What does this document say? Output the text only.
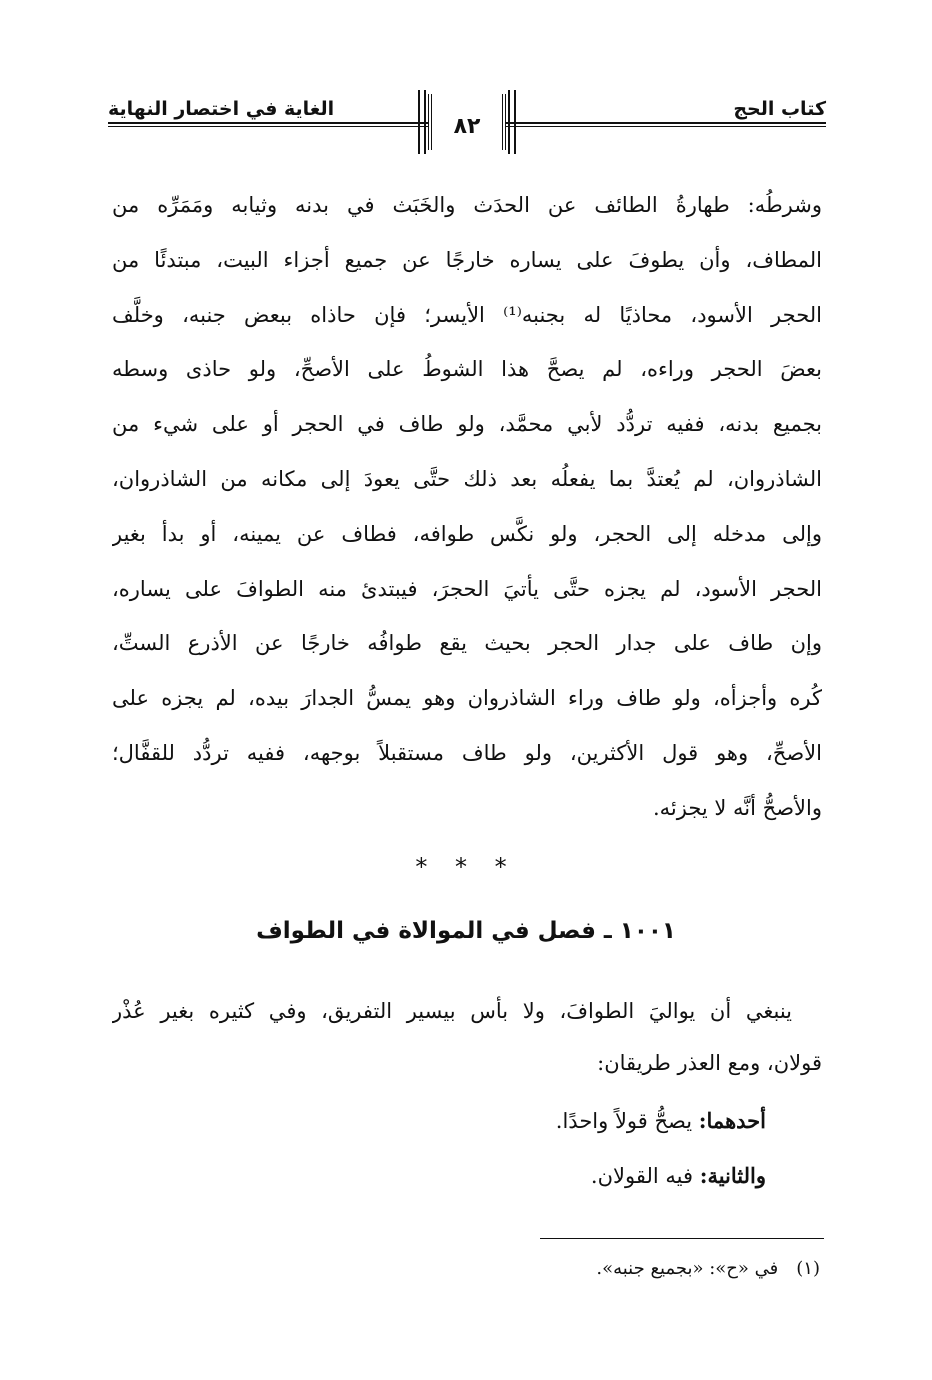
كتاب الحج
الغاية في اختصار النهاية
٨٢
وشرطُه: طهارةُ الطائف عن الحدَث والخَبَث في بدنه وثيابه ومَمَرِّه من
المطاف، وأن يطوفَ على يساره خارجًا عن جميع أجزاء البيت، مبتدئًا من
الحجر الأسود، محاذيًا له بجنبه⁽¹⁾ الأيسر؛ فإن حاذاه ببعض جنبه، وخلَّف
بعضَ الحجر وراءه، لم يصحَّ هذا الشوطُ على الأصحِّ، ولو حاذى وسطه
بجميع بدنه، ففيه تردُّد لأبي محمَّد، ولو طاف في الحجر أو على شيء من
الشاذروان، لم يُعتدَّ بما يفعلُه بعد ذلك حتَّى يعودَ إلى مكانه من الشاذروان،
وإلى مدخله إلى الحجر، ولو نكَّس طوافه، فطاف عن يمينه، أو بدأ بغير
الحجر الأسود، لم يجزه حتَّى يأتيَ الحجرَ، فيبتدئ منه الطوافَ على يساره،
وإن طاف على جدار الحجر بحيث يقع طوافُه خارجًا عن الأذرع الستِّ،
كُره وأجزأه، ولو طاف وراء الشاذروان وهو يمسُّ الجدارَ بيده، لم يجزه على
الأصحِّ، وهو قول الأكثرين، ولو طاف مستقبلاً بوجهه، ففيه تردُّد للقفَّال؛
والأصحُّ أنَّه لا يجزئه.
* * *
١٠٠١ ـ فصل في الموالاة في الطواف
ينبغي أن يواليَ الطوافَ، ولا بأس بيسير التفريق، وفي كثيره بغير عُذْر
قولان، ومع العذر طريقان:
أحدهما: يصحُّ قولاً واحدًا.
والثانية: فيه القولان.
(١)في «ح»: «بجميع جنبه».
